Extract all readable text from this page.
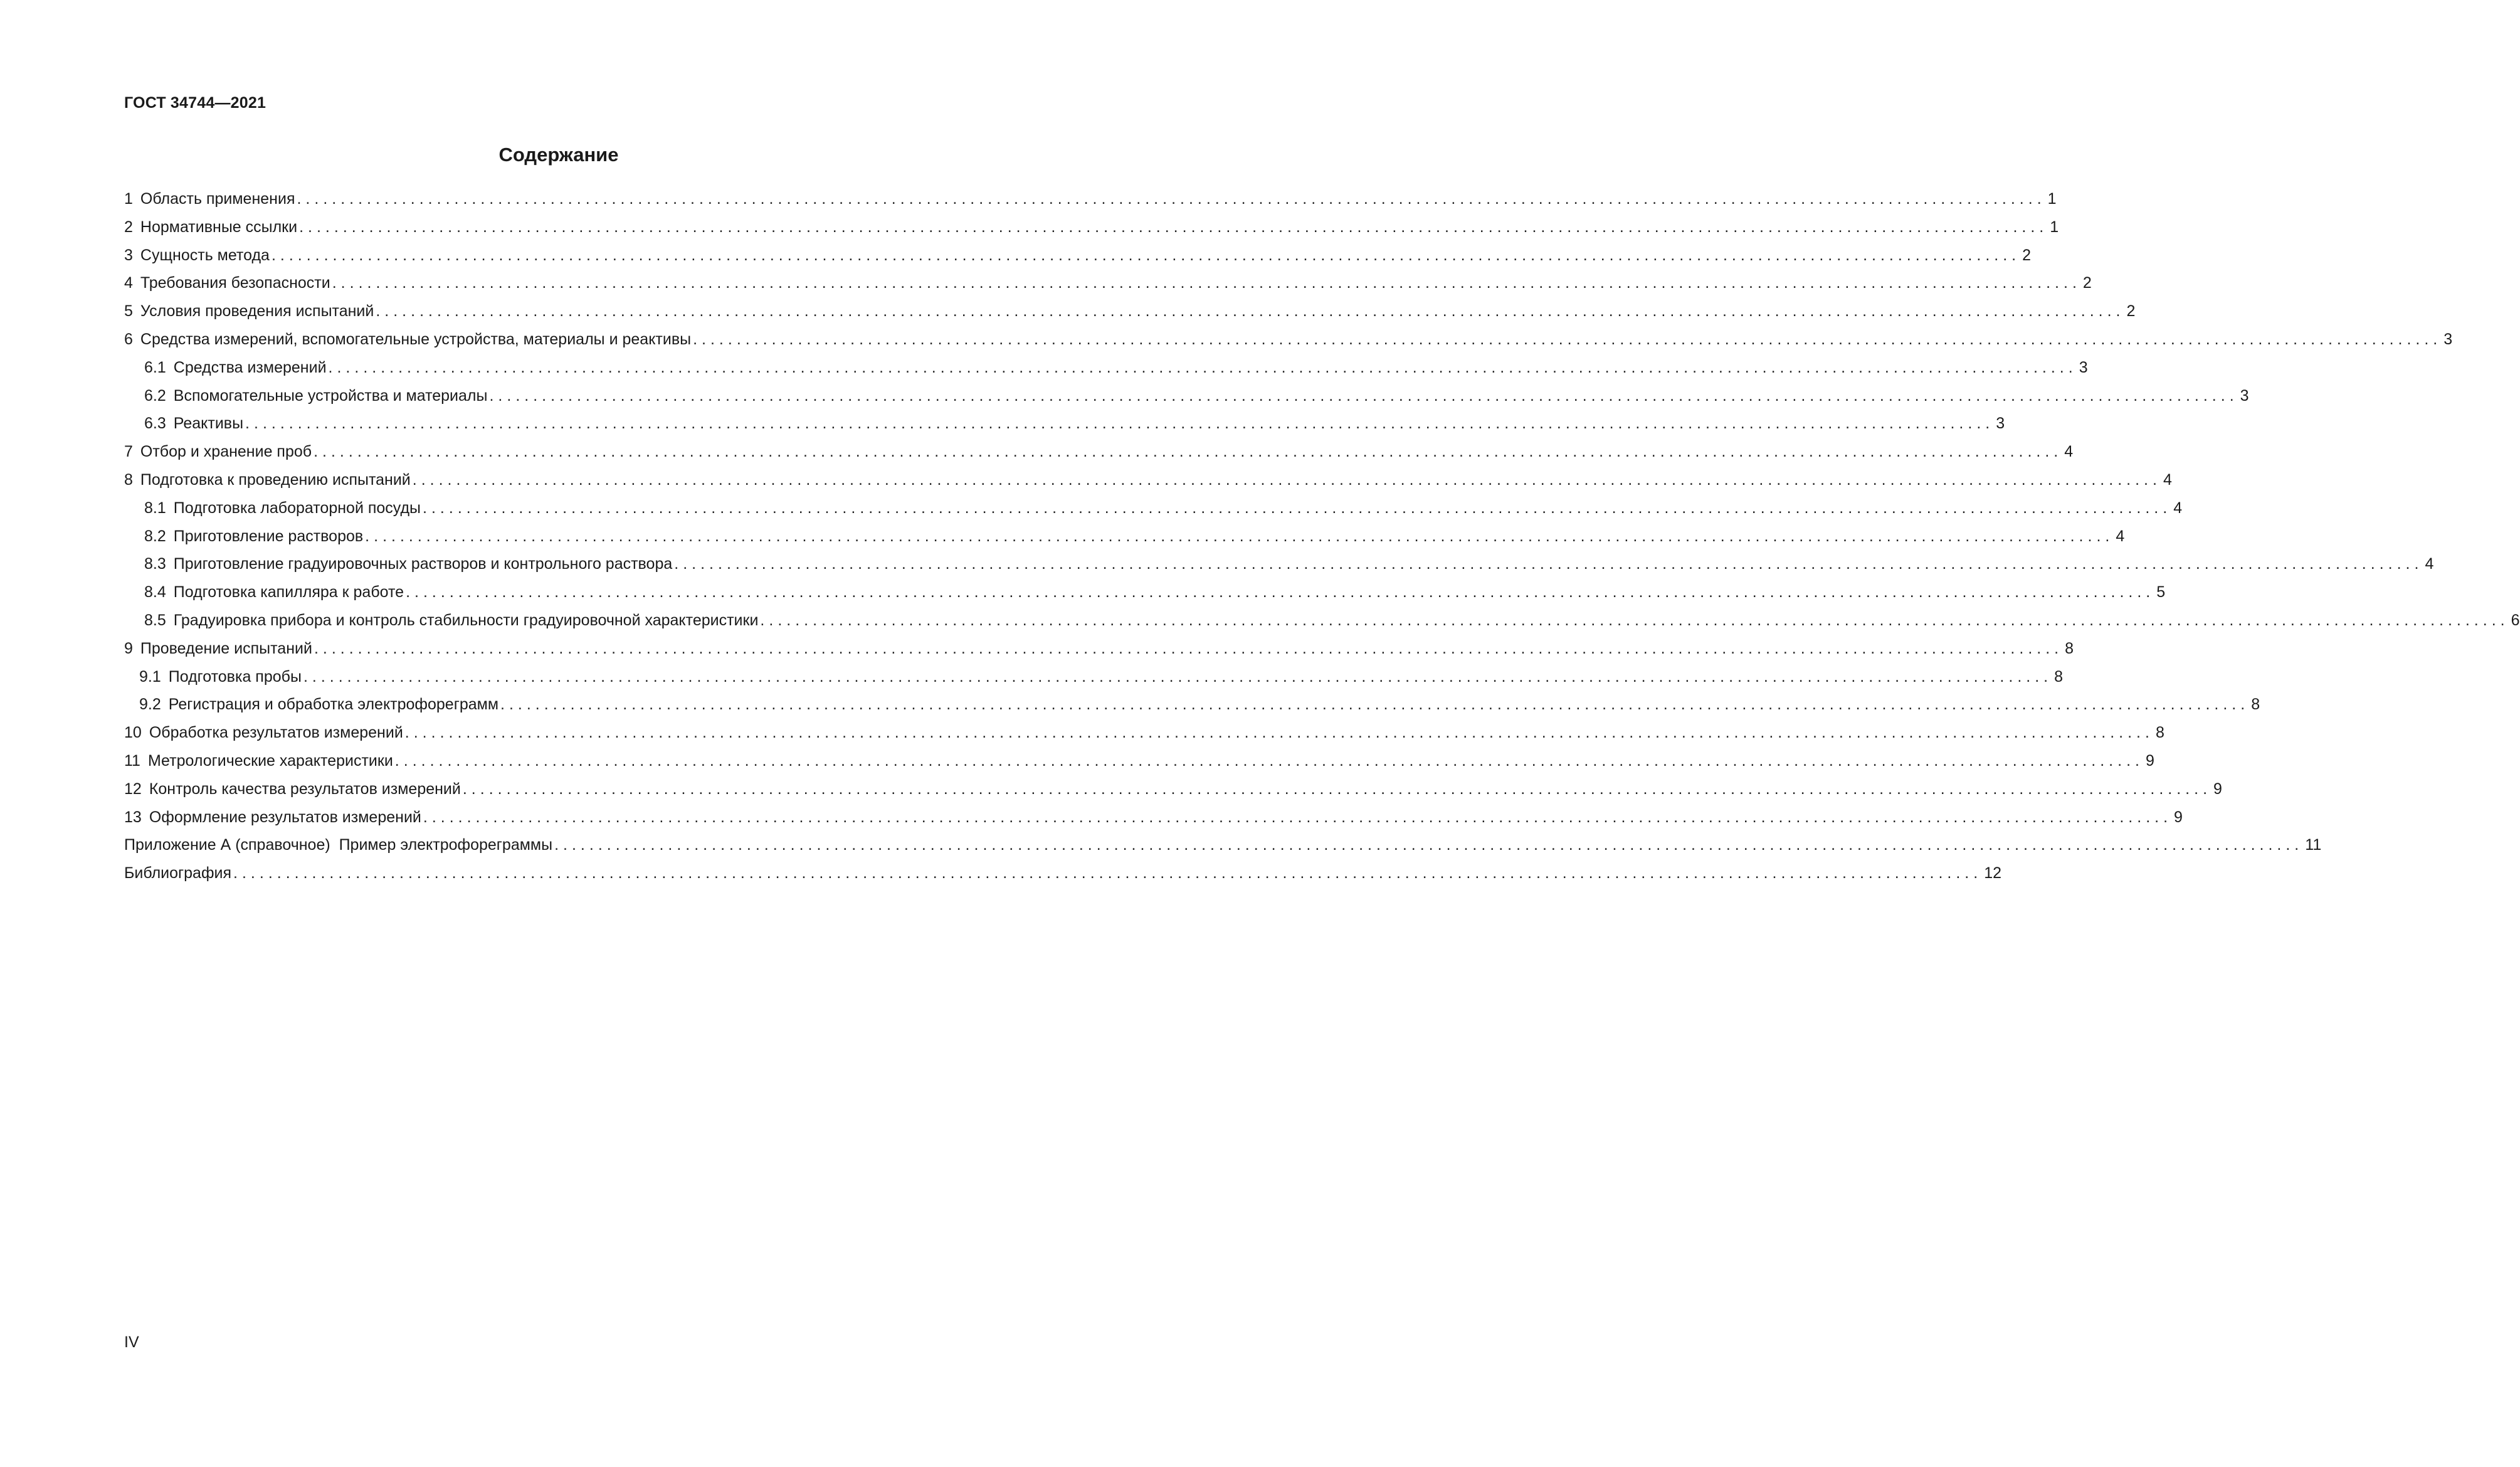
ГОСТ 34744—2021
Содержание
1 Область применения ........................................................................................................................................................................................................ 1
2 Нормативные ссылки ........................................................................................................................................................................................................ 1
3 Сущность метода ........................................................................................................................................................................................................ 2
4 Требования безопасности ........................................................................................................................................................................................................ 2
5 Условия проведения испытаний ........................................................................................................................................................................................................ 2
6 Средства измерений, вспомогательные устройства, материалы и реактивы ........................................................................................................................................................................................................ 3
6.1 Средства измерений ........................................................................................................................................................................................................ 3
6.2 Вспомогательные устройства и материалы ........................................................................................................................................................................................................ 3
6.3 Реактивы ........................................................................................................................................................................................................ 3
7 Отбор и хранение проб ........................................................................................................................................................................................................ 4
8 Подготовка к проведению испытаний ........................................................................................................................................................................................................ 4
8.1 Подготовка лабораторной посуды ........................................................................................................................................................................................................ 4
8.2 Приготовление растворов ........................................................................................................................................................................................................ 4
8.3 Приготовление градуировочных растворов и контрольного раствора ........................................................................................................................................................................................................ 4
8.4 Подготовка капилляра к работе ........................................................................................................................................................................................................ 5
8.5 Градуировка прибора и контроль стабильности градуировочной характеристики ........................................................................................................................................................................................................ 6
9 Проведение испытаний ........................................................................................................................................................................................................ 8
9.1 Подготовка пробы ........................................................................................................................................................................................................ 8
9.2 Регистрация и обработка электрофореграмм ........................................................................................................................................................................................................ 8
10 Обработка результатов измерений ........................................................................................................................................................................................................ 8
11 Метрологические характеристики ........................................................................................................................................................................................................ 9
12 Контроль качества результатов измерений ........................................................................................................................................................................................................ 9
13 Оформление результатов измерений ........................................................................................................................................................................................................ 9
Приложение А (справочное)  Пример электрофореграммы ........................................................................................................................................................................................................ 11
Библиография ........................................................................................................................................................................................................ 12
IV
